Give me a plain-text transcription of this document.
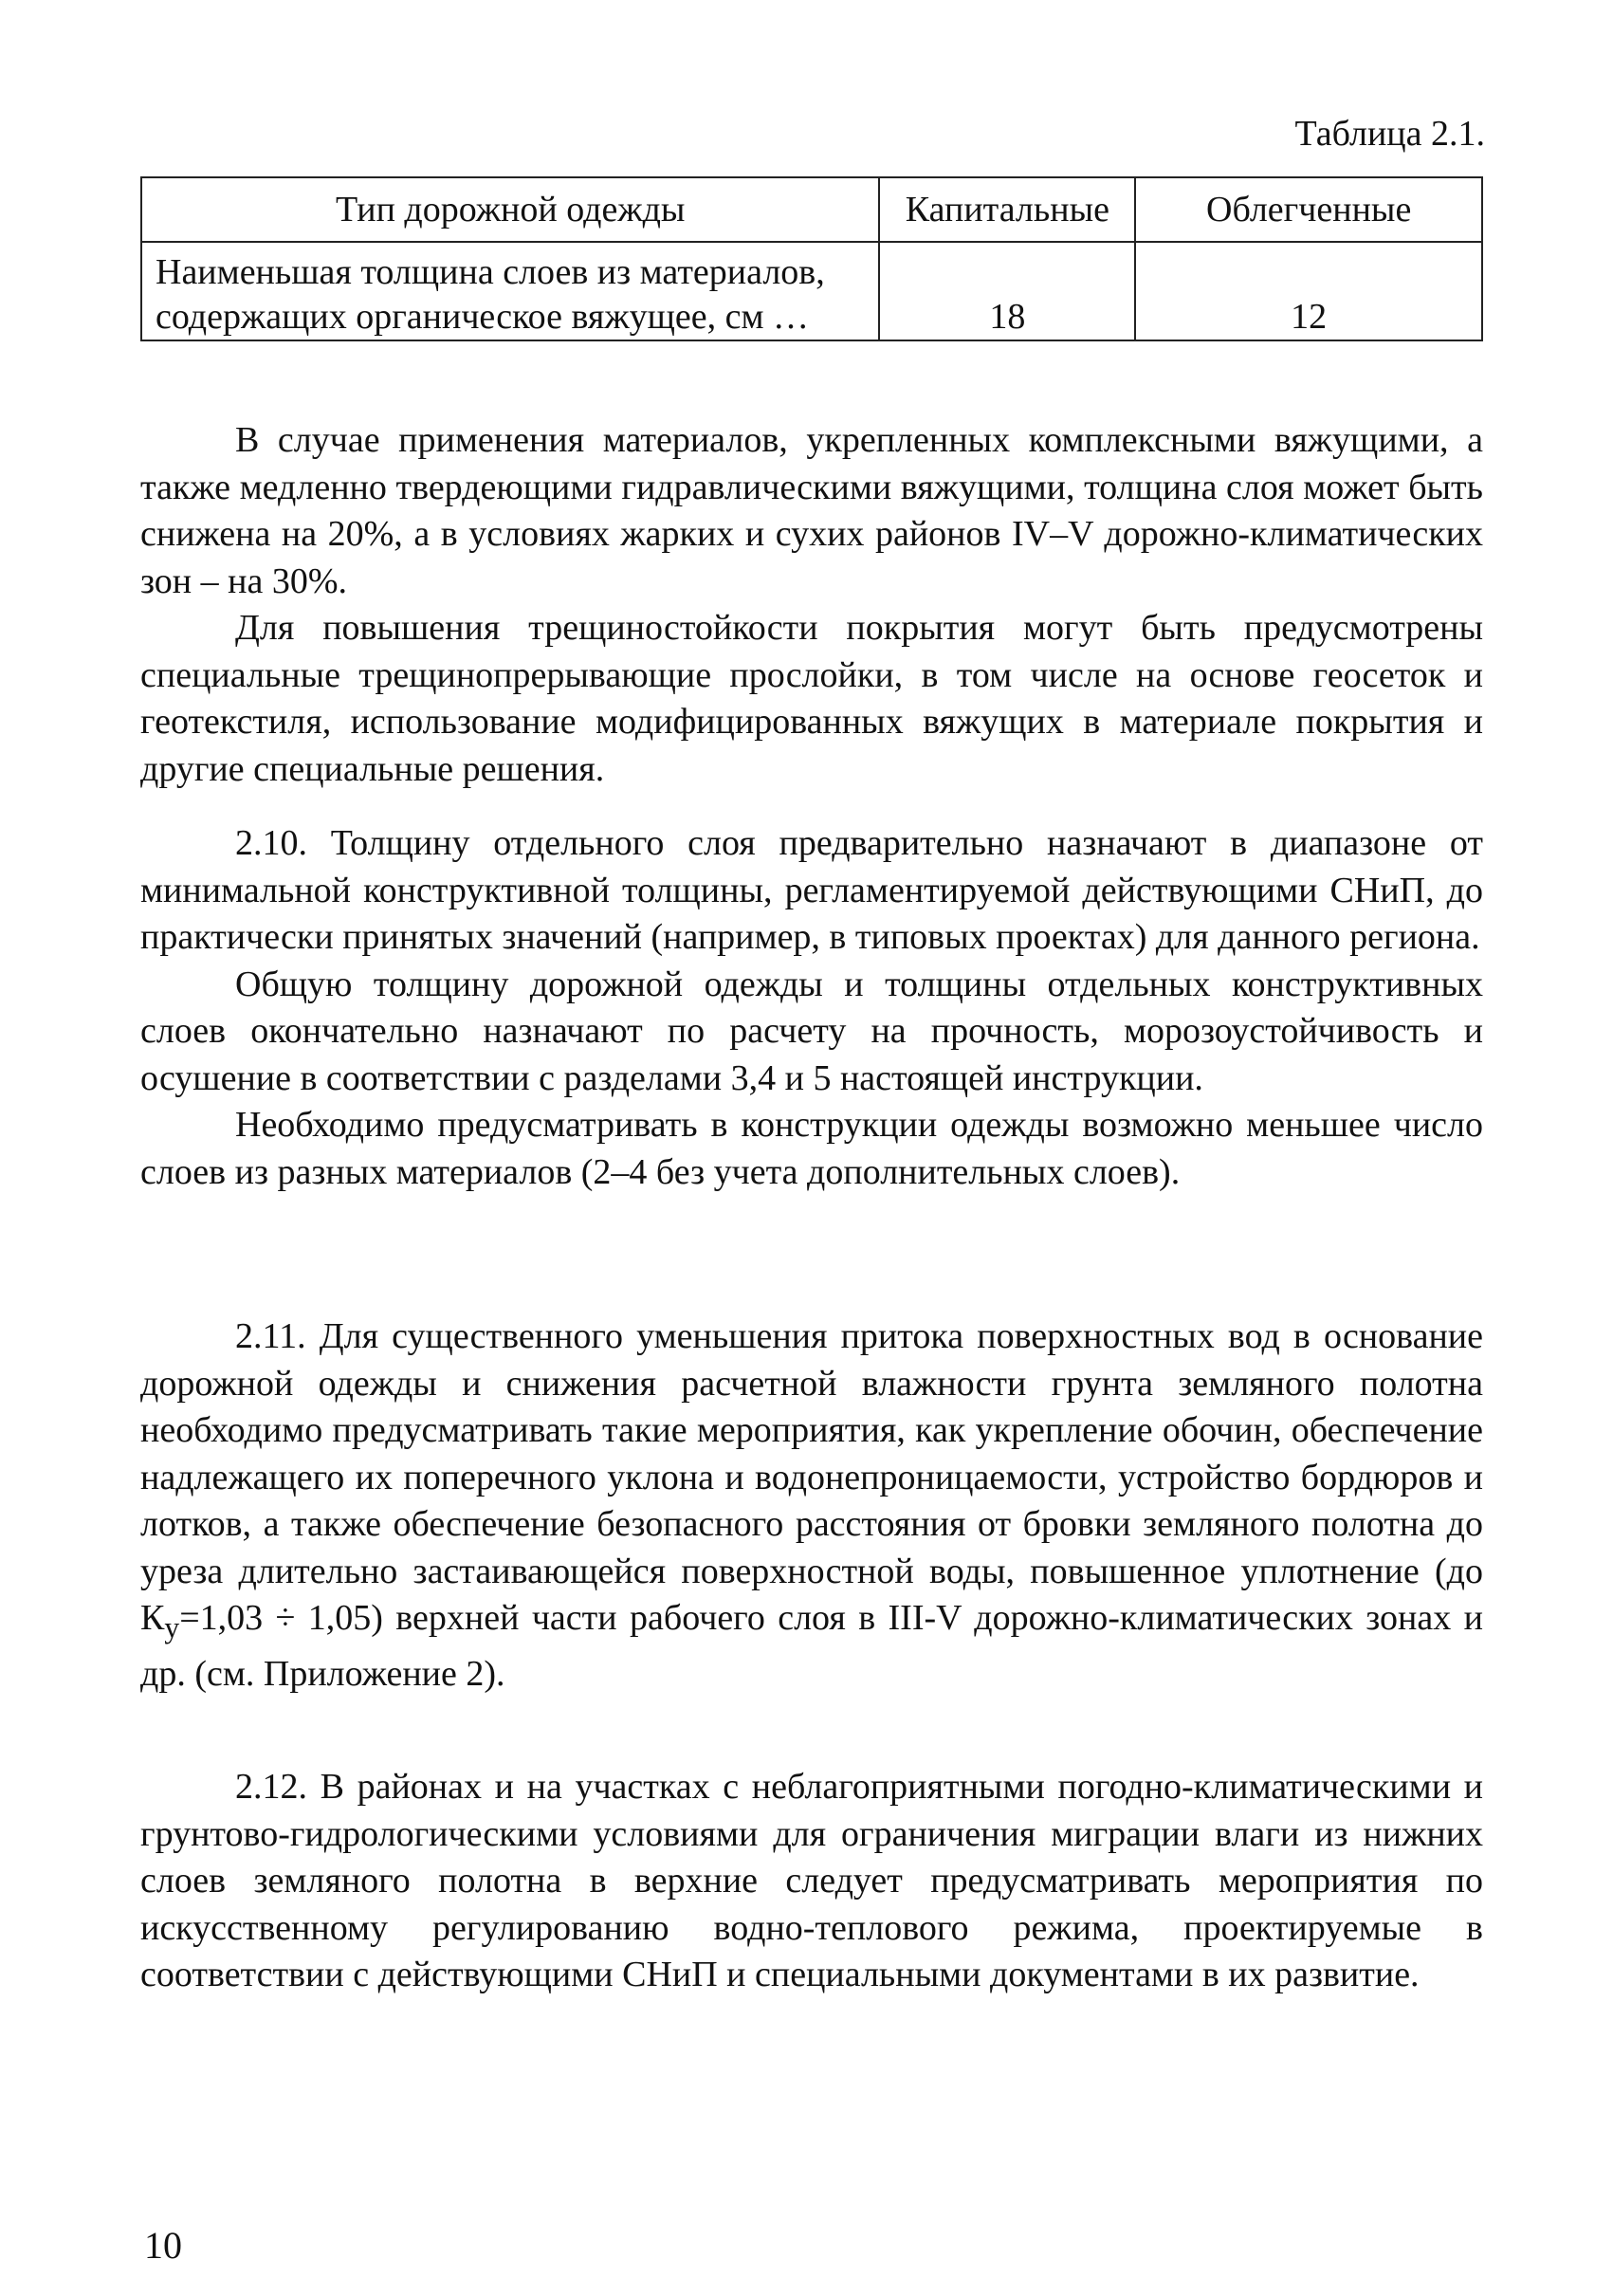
Таблица 2.1.
Тип дорожной одежды	Капитальные	Облегченные
Наименьшая толщина слоев из материалов, содержащих органическое вяжущее, см …	18	12

В случае применения материалов, укрепленных комплексными вяжущими, а также медленно твердеющими гидравлическими вяжущими, толщина слоя может быть снижена на 20%, а в условиях жарких и сухих районов IV–V дорожно-климатических зон – на 30%.

Для повышения трещиностойкости покрытия могут быть предусмотрены специальные трещинопрерывающие прослойки, в том числе на основе геосеток и геотекстиля, использование модифицированных вяжущих в материале покрытия и другие специальные решения.

2.10. Толщину отдельного слоя предварительно назначают в диапазоне от минимальной конструктивной толщины, регламентируемой действующими СНиП, до практически принятых значений (например, в типовых проектах) для данного региона.

Общую толщину дорожной одежды и толщины отдельных конструктивных слоев окончательно назначают по расчету на прочность, морозоустойчивость и осушение в соответствии с разделами 3,4 и 5 настоящей инструкции.

Необходимо предусматривать в конструкции одежды возможно меньшее число слоев из разных материалов (2–4 без учета дополнительных слоев).

2.11. Для существенного уменьшения притока поверхностных вод в основание дорожной одежды и снижения расчетной влажности грунта земляного полотна необходимо предусматривать такие мероприятия, как укрепление обочин, обеспечение надлежащего их поперечного уклона и водонепроницаемости, устройство бордюров и лотков, а также обеспечение безопасного расстояния от бровки земляного полотна до уреза длительно застаивающейся поверхностной воды, повышенное уплотнение (до $К_у=1,03 \div 1,05$) верхней части рабочего слоя в III-V дорожно-климатических зонах и др. (см. Приложение 2).

2.12. В районах и на участках с неблагоприятными погодно-климатическими и грунтово-гидрологическими условиями для ограничения миграции влаги из нижних слоев земляного полотна в верхние следует предусматривать мероприятия по искусственному регулированию водно-теплового режима, проектируемые в соответствии с действующими СНиП и специальными документами в их развитие.

10
